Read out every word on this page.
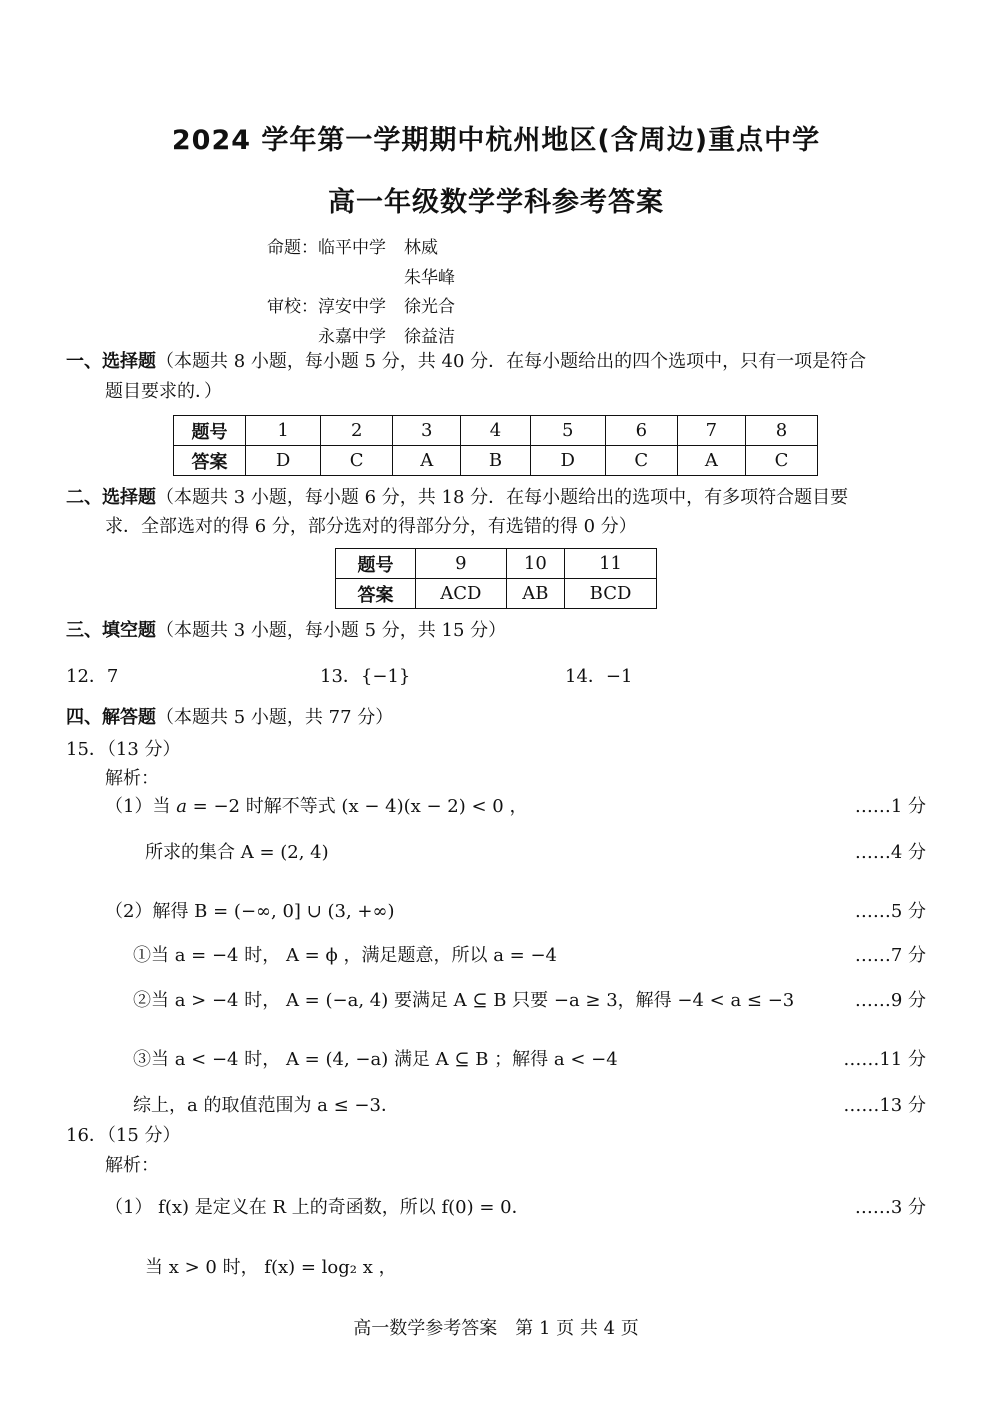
2024 学年第一学期期中杭州地区(含周边)重点中学
高一年级数学学科参考答案
命题： 临平中学 林威
朱华峰
审校： 淳安中学 徐光合
永嘉中学 徐益洁
一、选择题（本题共 8 小题，每小题 5 分，共 40 分．在每小题给出的四个选项中，只有一项是符合
题目要求的．）
题号	1	2	3	4	5	6	7	8
答案	D	C	A	B	D	C	A	C
二、选择题（本题共 3 小题，每小题 6 分，共 18 分．在每小题给出的选项中，有多项符合题目要
求．全部选对的得 6 分，部分选对的得部分分，有选错的得 0 分）
题号	9	10	11
答案	ACD	AB	BCD
三、填空题（本题共 3 小题，每小题 5 分，共 15 分）
12．7	13．{−1}	14．−1
四、解答题（本题共 5 小题，共 77 分）
15．（13 分）
解析：
（1）当 a = −2 时解不等式 (x − 4)(x − 2) < 0 ，	……1 分
所求的集合 A = (2, 4)	……4 分
（2）解得 B = (−∞, 0] ∪ (3, +∞)	……5 分
①当 a = −4 时， A = ϕ ，满足题意，所以 a = −4	……7 分
②当 a > −4 时， A = (−a, 4) 要满足 A ⊆ B 只要 −a ≥ 3，解得 −4 < a ≤ −3	……9 分
③当 a < −4 时， A = (4, −a) 满足 A ⊆ B ；解得 a < −4	……11 分
综上，a 的取值范围为 a ≤ −3．	……13 分
16．（15 分）
解析：
（1） f(x) 是定义在 R 上的奇函数，所以 f(0) = 0．	……3 分
当 x > 0 时， f(x) = log₂ x ，
高一数学参考答案　第 1 页 共 4 页
